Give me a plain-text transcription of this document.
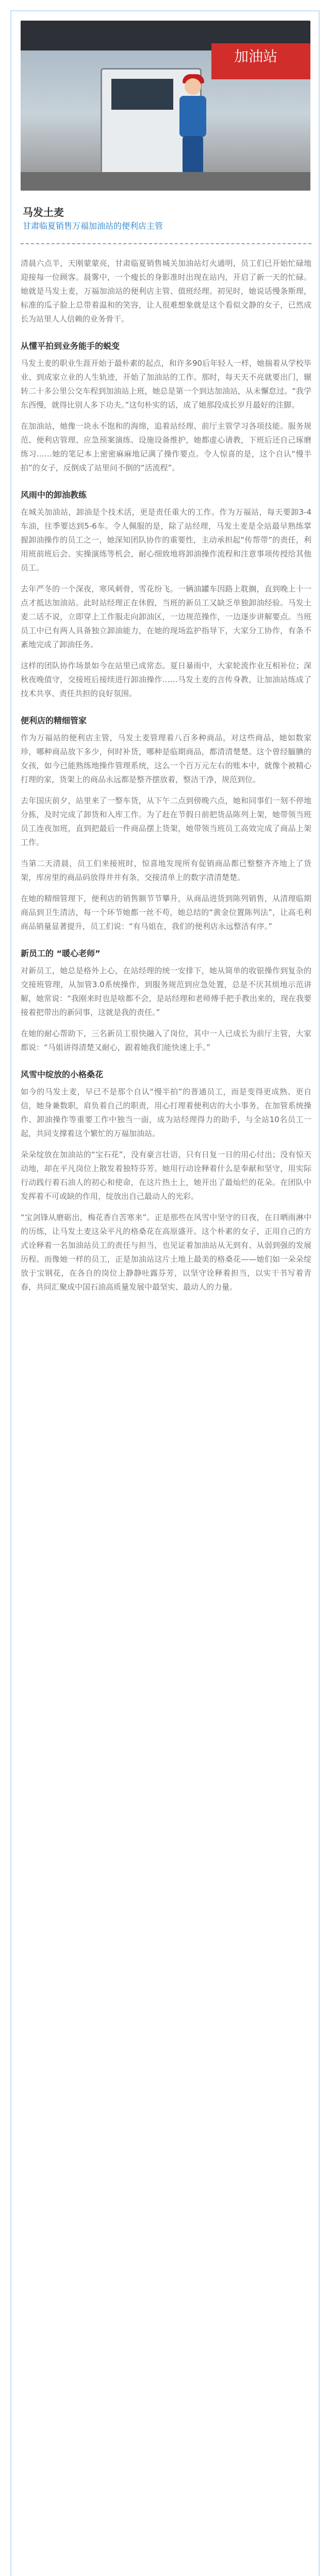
加油站
马发土麦
甘肃临夏销售万福加油站的便利店主管

清晨六点半，天刚蒙蒙亮，甘肃临夏销售城关加油站灯火通明，员工们已开始忙碌地迎接每一位顾客。晨雾中，一个瘦长的身影准时出现在站内，开启了新一天的忙碌。她就是马发土麦，万福加油站的便利店主管、值班经理。初见时，她说话慢条斯理，标准的瓜子脸上总带着温和的笑容，让人很难想象就是这个看似文静的女子，已然成长为站里人人信赖的业务骨干。

从懂平拍到业务能手的蜕变

马发土麦的职业生涯开始于最朴素的起点，和许多90后年轻人一样，她揣着从学校毕业、到成家立业的人生轨迹，开始了加油站的工作。那时，每天天不亮就要出门，辗转二十多公里公交车程到加油站上班，她总是第一个到达加油站，从未懈怠过。“我学东西慢，就得比别人多下功夫。”这句朴实的话，成了她那段成长岁月最好的注脚。

在加油站，她像一块永不饱和的海绵，追着站经理、前厅主管学习各项技能。服务规范、便利店管理、应急预案演练、设施设备维护，她都虚心请教，下班后还自己琢磨练习……她的笔记本上密密麻麻地记满了操作要点。令人惊喜的是，这个自认“慢半拍”的女子，反倒成了站里问不倒的“活流程”。

风雨中的卸油教练

在城关加油站，卸油是个技术活，更是责任重大的工作。作为万福站，每天要卸3-4车油，往季要达到5-6车。令人佩服的是，除了站经理，马发土麦是全站最早熟练掌握卸油操作的员工之一，她深知团队协作的重要性，主动承担起“传帮带”的责任，利用班前班后会、实操演练等机会，耐心细致地将卸油操作流程和注意事项传授给其他员工。

去年严冬的一个深夜，寒风刺骨，雪花纷飞。一辆油罐车因路上耽搁，直到晚上十一点才抵达加油站。此时站经理正在休假，当班的新员工又缺乏单独卸油经验。马发土麦二话不说，立即穿上工作服走向卸油区，一边规范操作，一边逐步讲解要点。当班员工中已有两人具备独立卸油能力，在她的现场监护指导下，大家分工协作，有条不紊地完成了卸油任务。

这样的团队协作场景如今在站里已成常态。夏日暴雨中，大家轮流作业互相补位；深秋夜晚值守，交接班后接续进行卸油操作……马发土麦的言传身教，让加油站练成了技术共享、责任共担的良好氛围。

便利店的精细管家

作为万福站的便利店主管，马发土麦管理着八百多种商品，对这些商品，她如数家珍，哪种商品放下多少，何时补货，哪种是临期商品，都清清楚楚。这个曾经腼腆的女孩，如今已能熟练地操作管理系统，这么一个百万元左右的账本中，就像个被精心打理的家，货架上的商品永远都是整齐摆放着，整洁干净，规范到位。

去年国庆前夕，站里来了一整车货，从下午二点到傍晚六点，她和同事们一刻不停地分拣，及时完成了卸货和入库工作。为了赶在节假日前把货品陈列上架，她带领当班员工连夜加班，直到把最后一件商品摆上货架，她带领当班员工高效完成了商品上架工作。

当第二天清晨，员工们来接班时，惊喜地发现所有促销商品都已整整齐齐地上了货架，库房里的商品码放得井井有条，交接清单上的数字清清楚楚。

在她的精细管理下，便利店的销售额节节攀升，从商品进货到陈列销售，从清理临期商品到卫生清洁，每一个环节她都一丝不苟，她总结的“黄金位置陈列法”，让高毛利商品销量显著提升，员工们说：“有马姐在，我们的便利店永远整洁有序。”

新员工的 “暖心老师”

对新员工，她总是格外上心，在站经理的统一安排下，她从简单的收银操作到复杂的交接班管理，从加管3.0系统操作，到服务规范到应急处置，总是不厌其烦地示范讲解，她常说：“我刚来时也是啥都不会，是站经理和老师傅手把手教出来的，现在我要接着把带出的新同事，这就是我的责任。”

在她的耐心帮助下，三名新员工很快融入了岗位，其中一人已成长为前厅主管，大家都说：“马姐讲得清楚又耐心，跟着她我们能快速上手。”

风雪中绽放的小格桑花

如今的马发土麦，早已不是那个自认“慢半拍”的普通员工，而是变得更成熟、更自信，她身兼数职，肩负着自己的职责，用心打理着便利店的大小事务，在加管系统操作、卸油操作等重要工作中独当一面，成为站经理得力的助手，与全站10名员工一起，共同支撑着这个繁忙的万福加油站。

朵朵绽放在加油站的“宝石花”，没有豪言壮语，只有日复一日的用心付出；没有惊天动地，却在平凡岗位上散发着独特芬芳。她用行动诠释着什么是奉献和坚守，用实际行动践行着石油人的初心和使命，在这片热土上，她开出了最灿烂的花朵。在团队中发挥着不可或缺的作用，绽放出自己最动人的光彩。

“宝剑锋从磨砺出，梅花香自苦寒来”。正是那些在风雪中坚守的日夜，在日晒雨淋中的历练，让马发土麦这朵平凡的格桑花在高原盛开。这个朴素的女子，正用自己的方式诠释着一名加油站员工的责任与担当，也见证着加油站从无到有、从弱到强的发展历程。而像她一样的员工，正是加油站这片土地上最美的格桑花——她们如一朵朵绽放于宝钢花，在各自的岗位上静静吐露芬芳，以坚守诠释着担当，以实干书写着青春，共同汇聚成中国石油高质量发展中最坚实、最动人的力量。
